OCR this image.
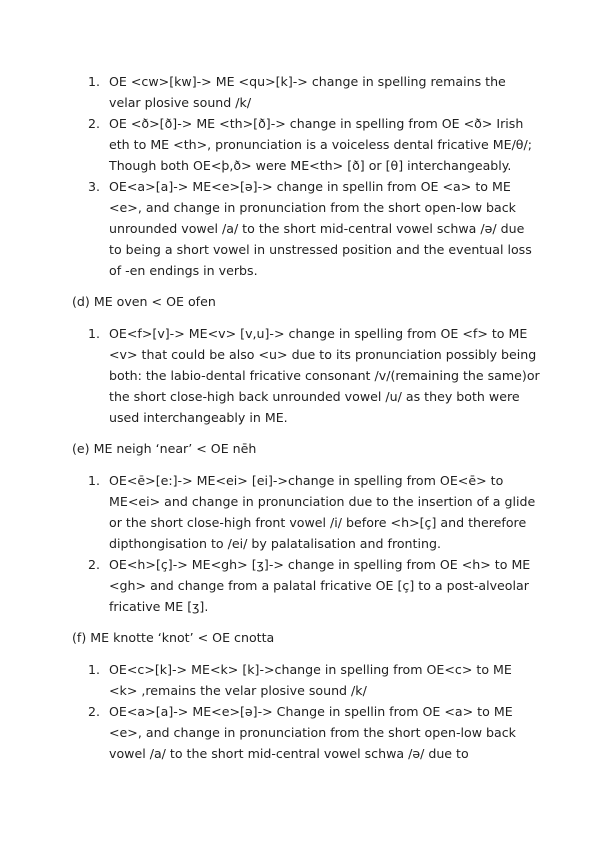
1. OE <cw>[kw]-> ME <qu>[k]-> change in spelling remains the velar plosive sound /k/
2. OE <ð>[ð]-> ME <th>[ð]-> change in spelling from OE <ð> Irish eth to ME <th>, pronunciation is a voiceless dental fricative ME/θ/; Though both OE<þ,ð> were ME<th> [ð] or [θ] interchangeably.
3. OE<a>[a]-> ME<e>[ə]-> change in spellin from OE <a> to ME <e>, and change in pronunciation from the short open-low back unrounded vowel /a/ to the short mid-central vowel schwa /ə/ due to being a short vowel in unstressed position and the eventual loss of -en endings in verbs.

(d) ME oven < OE ofen

1. OE<f>[v]-> ME<v> [v,u]-> change in spelling from OE <f> to ME <v> that could be also <u> due to its pronunciation possibly being both: the labio-dental fricative consonant /v/(remaining the same)or the short close-high back unrounded vowel /u/ as they both were used interchangeably in ME.

(e) ME neigh ‘near’ < OE nēh

1. OE<ē>[e:]-> ME<ei> [ei]->change in spelling from OE<ē> to ME<ei> and change in pronunciation due to the insertion of a glide or the short close-high front vowel /i/ before <h>[ç] and therefore dipthongisation to /ei/ by palatalisation and fronting.
2. OE<h>[ç]-> ME<gh> [ʒ]-> change in spelling from OE <h> to ME <gh> and change from a palatal fricative OE [ç] to a post-alveolar fricative ME [ʒ].

(f) ME knotte ‘knot’ < OE cnotta

1. OE<c>[k]-> ME<k> [k]->change in spelling from OE<c> to ME <k> ,remains the velar plosive sound /k/
2. OE<a>[a]-> ME<e>[ə]-> Change in spellin from OE <a> to ME <e>, and change in pronunciation from the short open-low back vowel /a/ to the short mid-central vowel schwa /ə/ due to
